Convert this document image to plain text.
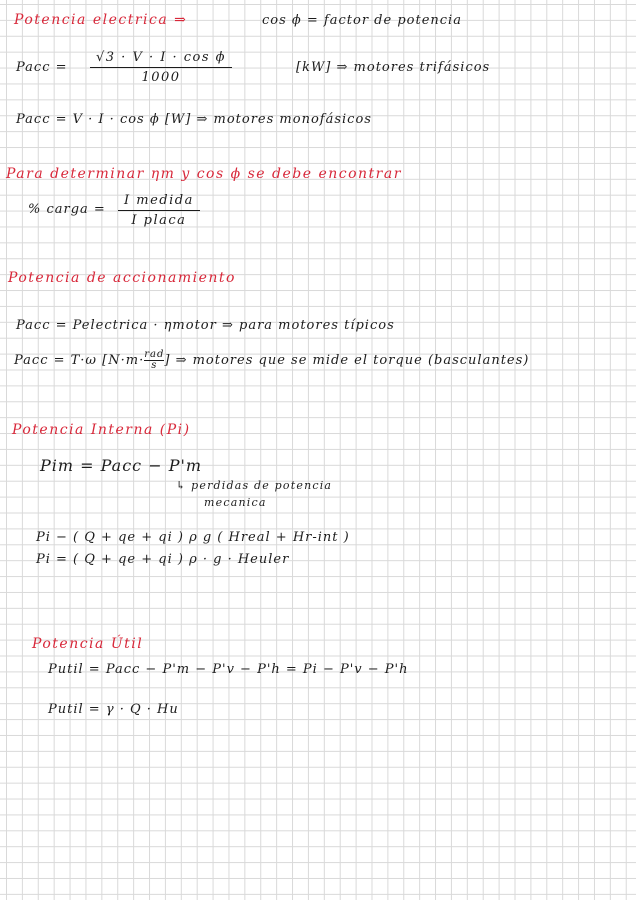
Potencia electrica ⇒	cos ϕ = factor de potencia
Pacc = $\frac{\text{√3 · V · I · cos ϕ}}{1000}$	[kW] ⇒ motores trifásicos
Pacc = V · I · cos ϕ [W] ⇒ motores monofásicos
Para determinar ηm y cos ϕ se debe encontrar
% carga =
I medida
I placa
Potencia de accionamiento
Pacc = Pelectrica · ηmotor ⇒ para motores típicos
Pacc = T·ω [N·m· rad
s ] ⇒ motores que se mide el torque (basculantes)
Potencia Interna (Pi)
Pim = Pacc − P'm
↳ perdidas de potencia
mecanica
Pi − ( Q + qe + qi ) ρ g ( Hreal + Hr-int )
Pi = ( Q + qe + qi ) ρ · g · Heuler
Potencia Útil
Putil = Pacc − P'm − P'v − P'h = Pi − P'v − P'h
Putil = γ · Q · Hu
